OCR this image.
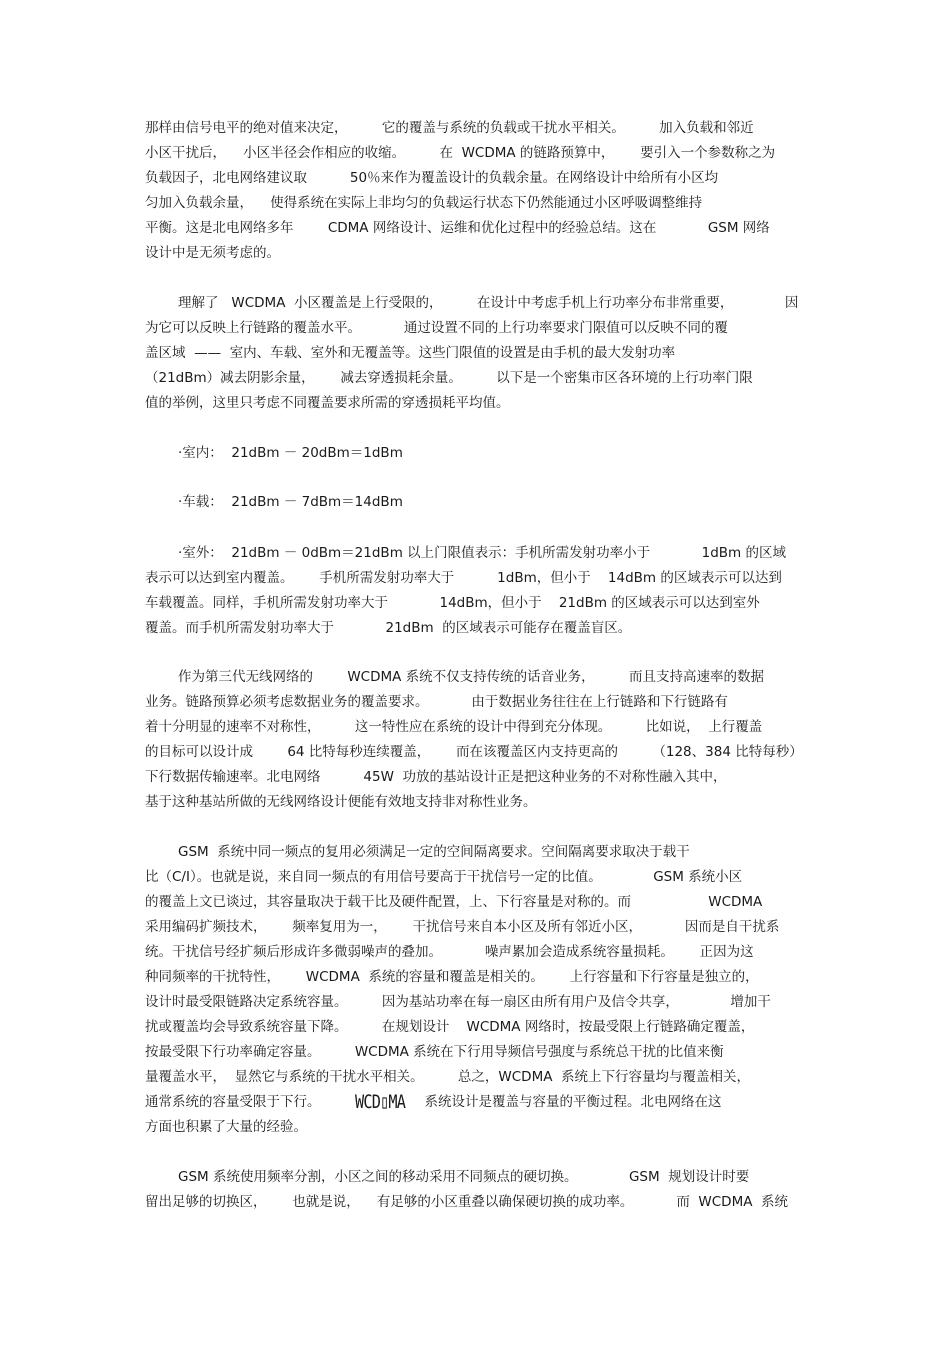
那样由信号电平的绝对值来决定，        它的覆盖与系统的负载或干扰水平相关。        加入负载和邻近

小区干扰后，    小区半径会作相应的收缩。        在  WCDMA 的链路预算中，      要引入一个参数称之为

负载因子，北电网络建议取          50％来作为覆盖设计的负载余量。在网络设计中给所有小区均

匀加入负载余量，    使得系统在实际上非均匀的负载运行状态下仍然能通过小区呼吸调整维持

平衡。这是北电网络多年        CDMA 网络设计、运维和优化过程中的经验总结。这在            GSM 网络

设计中是无须考虑的。

理解了   WCDMA  小区覆盖是上行受限的，        在设计中考虑手机上行功率分布非常重要，            因

为它可以反映上行链路的覆盖水平。          通过设置不同的上行功率要求门限值可以反映不同的覆

盖区域  ——  室内、车载、室外和无覆盖等。这些门限值的设置是由手机的最大发射功率

（21dBm）减去阴影余量，      减去穿透损耗余量。        以下是一个密集市区各环境的上行功率门限

值的举例，这里只考虑不同覆盖要求所需的穿透损耗平均值。

·室内：  21dBm － 20dBm＝1dBm

·车载：  21dBm － 7dBm＝14dBm

·室外：  21dBm － 0dBm＝21dBm 以上门限值表示：手机所需发射功率小于            1dBm 的区域

表示可以达到室内覆盖。      手机所需发射功率大于          1dBm，但小于    14dBm 的区域表示可以达到

车载覆盖。同样，手机所需发射功率大于            14dBm，但小于    21dBm 的区域表示可以达到室外

覆盖。而手机所需发射功率大于            21dBm  的区域表示可能存在覆盖盲区。

作为第三代无线网络的        WCDMA 系统不仅支持传统的话音业务，        而且支持高速率的数据

业务。链路预算必须考虑数据业务的覆盖要求。          由于数据业务往往在上行链路和下行链路有

着十分明显的速率不对称性，        这一特性应在系统的设计中得到充分体现。        比如说，  上行覆盖

的目标可以设计成        64 比特每秒连续覆盖，      而在该覆盖区内支持更高的        （128、384 比特每秒）

下行数据传输速率。北电网络          45W  功放的基站设计正是把这种业务的不对称性融入其中，

基于这种基站所做的无线网络设计便能有效地支持非对称性业务。

GSM  系统中同一频点的复用必须满足一定的空间隔离要求。空间隔离要求取决于载干

比（C/I）。也就是说，来自同一频点的有用信号要高于干扰信号一定的比值。            GSM 系统小区

的覆盖上文已谈过，其容量取决于载干比及硬件配置，上、下行容量是对称的。而                  WCDMA

采用编码扩频技术，      频率复用为一，      干扰信号来自本小区及所有邻近小区，          因而是自干扰系

统。干扰信号经扩频后形成许多微弱噪声的叠加。          噪声累加会造成系统容量损耗。      正因为这

种同频率的干扰特性，      WCDMA  系统的容量和覆盖是相关的。      上行容量和下行容量是独立的，

设计时最受限链路决定系统容量。        因为基站功率在每一扇区由所有用户及信令共享，            增加干

扰或覆盖均会导致系统容量下降。        在规划设计    WCDMA 网络时，按最受限上行链路确定覆盖，

按最受限下行功率确定容量。        WCDMA 系统在下行用导频信号强度与系统总干扰的比值来衡

量覆盖水平，  显然它与系统的干扰水平相关。        总之，WCDMA  系统上下行容量均与覆盖相关，

通常系统的容量受限于下行。 WCD▯MA 系统设计是覆盖与容量的平衡过程。北电网络在这

方面也积累了大量的经验。

GSM 系统使用频率分割，小区之间的移动采用不同频点的硬切换。            GSM  规划设计时要

留出足够的切换区，      也就是说，    有足够的小区重叠以确保硬切换的成功率。          而  WCDMA  系统
